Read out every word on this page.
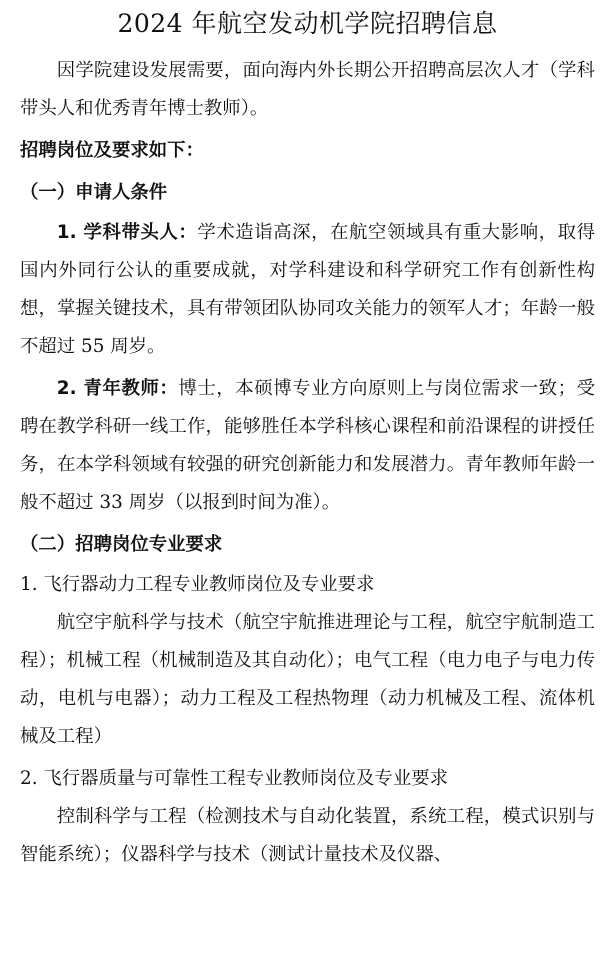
2024 年航空发动机学院招聘信息

因学院建设发展需要，面向海内外长期公开招聘高层次人才（学科带头人和优秀青年博士教师）。

招聘岗位及要求如下：
（一）申请人条件

1. 学科带头人：学术造诣高深，在航空领域具有重大影响，取得国内外同行公认的重要成就，对学科建设和科学研究工作有创新性构想，掌握关键技术，具有带领团队协同攻关能力的领军人才；年龄一般不超过 55 周岁。

2. 青年教师：博士，本硕博专业方向原则上与岗位需求一致；受聘在教学科研一线工作，能够胜任本学科核心课程和前沿课程的讲授任务，在本学科领域有较强的研究创新能力和发展潜力。青年教师年龄一般不超过 33 周岁（以报到时间为准）。

（二）招聘岗位专业要求

1. 飞行器动力工程专业教师岗位及专业要求

航空宇航科学与技术（航空宇航推进理论与工程，航空宇航制造工程）；机械工程（机械制造及其自动化）；电气工程（电力电子与电力传动，电机与电器）；动力工程及工程热物理（动力机械及工程、流体机械及工程）

2. 飞行器质量与可靠性工程专业教师岗位及专业要求

控制科学与工程（检测技术与自动化装置，系统工程，模式识别与智能系统）；仪器科学与技术（测试计量技术及仪器、
